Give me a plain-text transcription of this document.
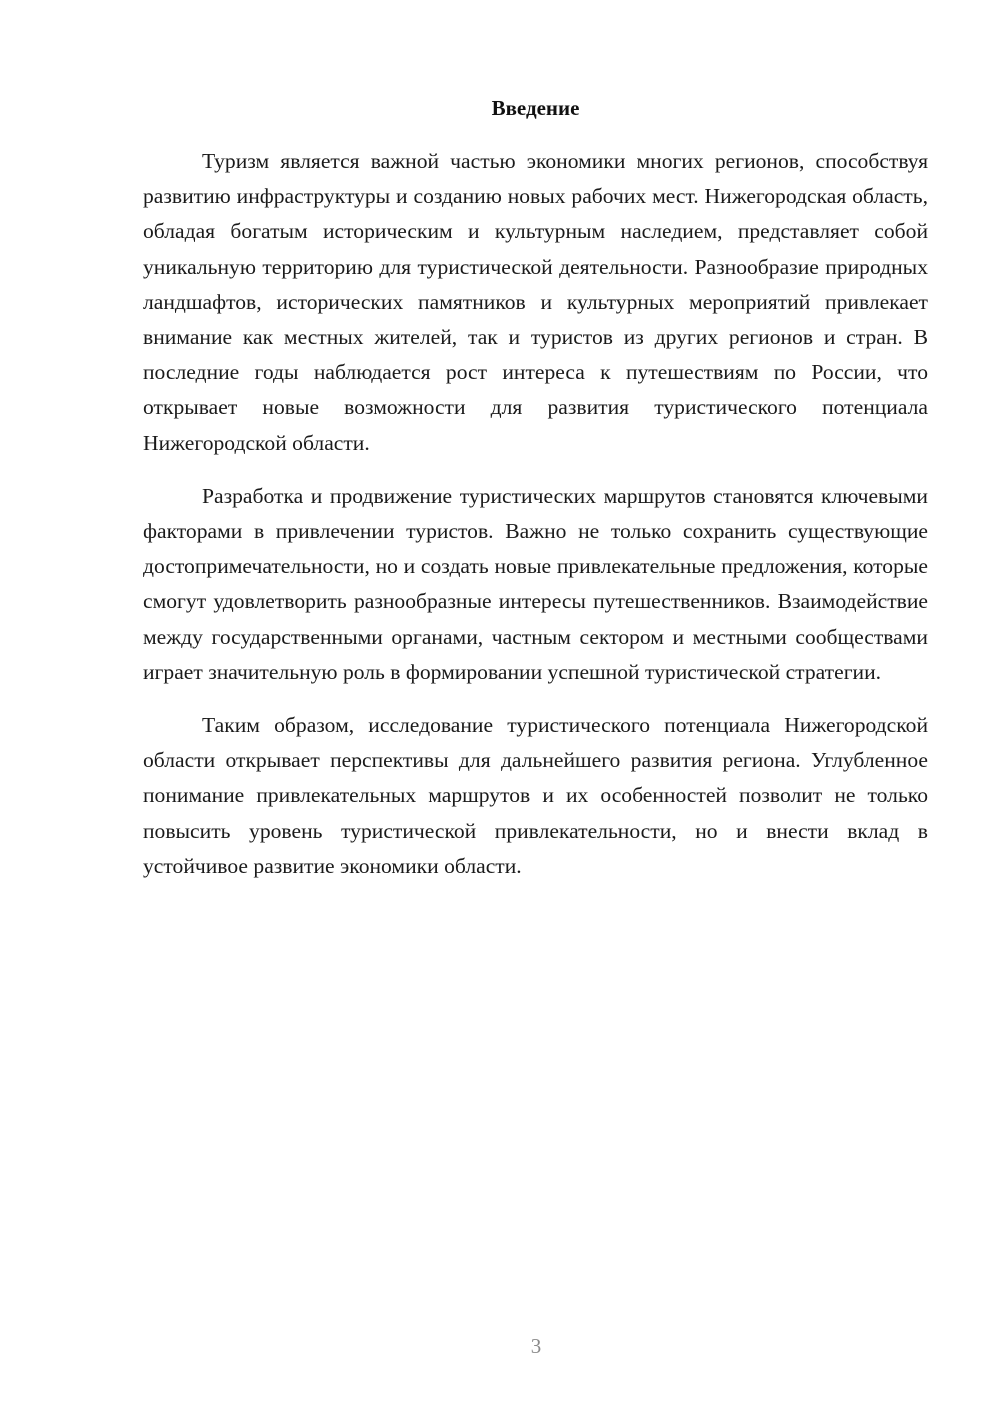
Введение

Туризм является важной частью экономики многих регионов, способствуя развитию инфраструктуры и созданию новых рабочих мест. Нижегородская область, обладая богатым историческим и культурным наследием, представляет собой уникальную территорию для туристической деятельности. Разнообразие природных ландшафтов, исторических памятников и культурных мероприятий привлекает внимание как местных жителей, так и туристов из других регионов и стран. В последние годы наблюдается рост интереса к путешествиям по России, что открывает новые возможности для развития туристического потенциала Нижегородской области.

Разработка и продвижение туристических маршрутов становятся ключевыми факторами в привлечении туристов. Важно не только сохранить существующие достопримечательности, но и создать новые привлекательные предложения, которые смогут удовлетворить разнообразные интересы путешественников. Взаимодействие между государственными органами, частным сектором и местными сообществами играет значительную роль в формировании успешной туристической стратегии.

Таким образом, исследование туристического потенциала Нижегородской области открывает перспективы для дальнейшего развития региона. Углубленное понимание привлекательных маршрутов и их особенностей позволит не только повысить уровень туристической привлекательности, но и внести вклад в устойчивое развитие экономики области.

3
